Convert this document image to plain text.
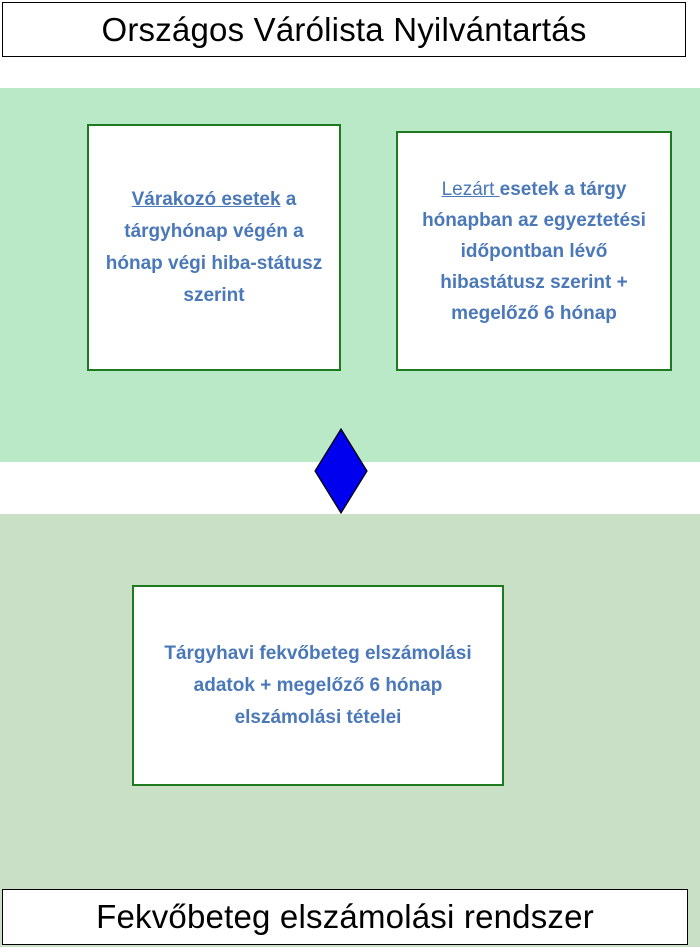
Országos Várólista Nyilvántartás
Várakozó esetek a tárgyhónap végén a hónap végi hiba-státusz szerint
Lezárt esetek a tárgy hónapban az egyeztetési időpontban lévő hibastátusz szerint + megelőző 6 hónap
Tárgyhavi fekvőbeteg elszámolási adatok + megelőző 6 hónap elszámolási tételei
Fekvőbeteg elszámolási rendszer
